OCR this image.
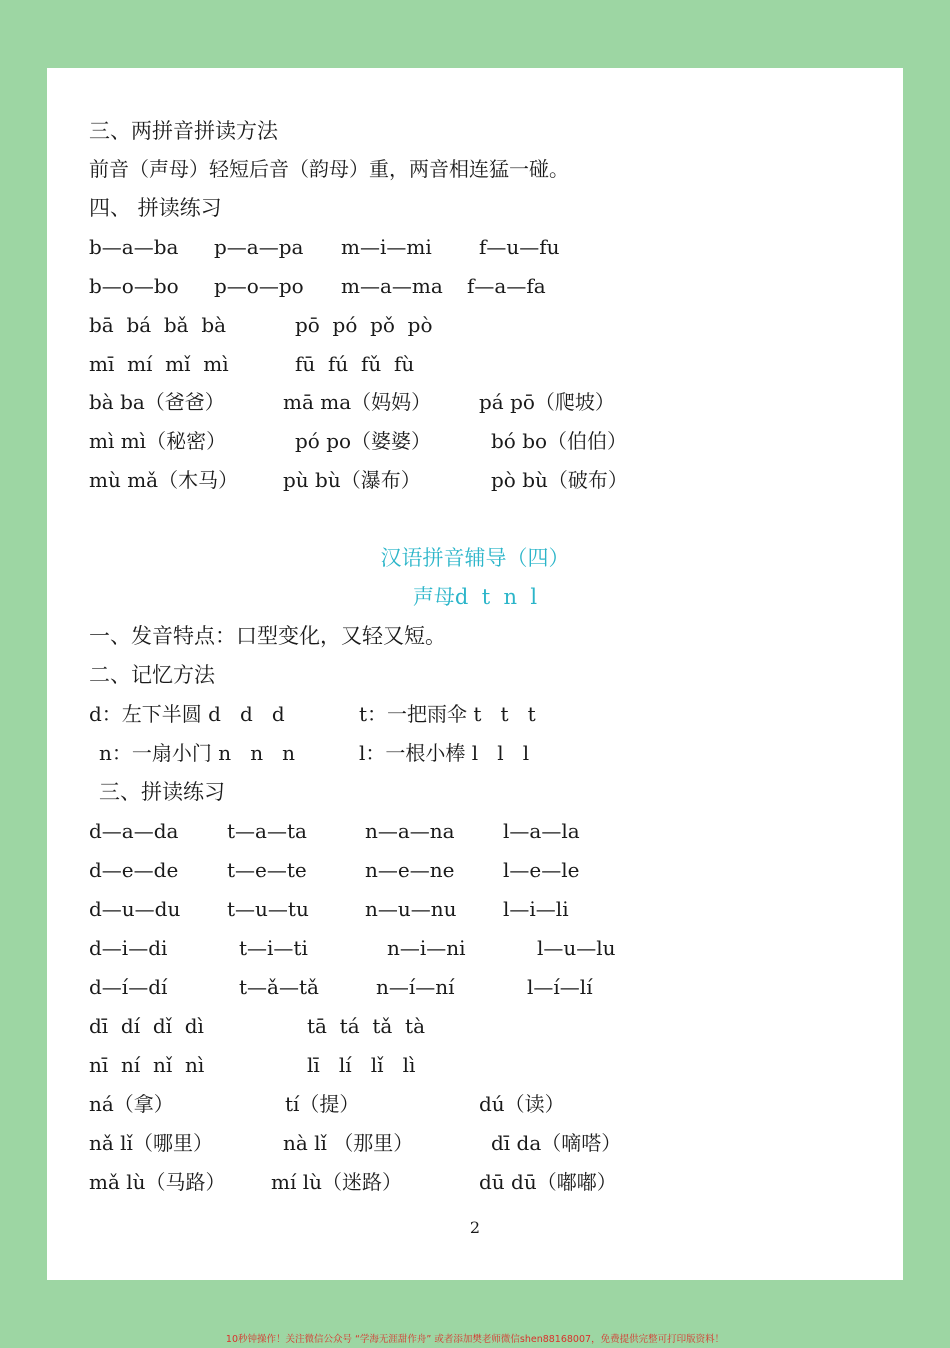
三、两拼音拼读方法
前音（声母）轻短后音（韵母）重，两音相连猛一碰。
四、 拼读练习
b—a—ba p—a—pa m—i—mi f—u—fu
b—o—bo p—o—po m—a—ma f—a—fa
bā  bá  bǎ  bà	pō  pó  pǒ  pò
mī  mí  mǐ  mì	fū  fú  fǔ  fù
bà ba（爸爸）	mā ma（妈妈） pá pō（爬坡）
mì mì（秘密）	pó po（婆婆）	bó bo（伯伯）
mù mǎ（木马） pù bù（瀑布）	pò bù（破布）
汉语拼音辅导（四）
声母d  t  n  l
一、发音特点：口型变化，又轻又短。
二、记忆方法
d：左下半圆 d   d   d	t：一把雨伞 t   t   t
n：一扇小门 n   n   n	l：一根小棒 l   l   l
三、拼读练习
d—a—da t—a—ta	n—a—na l—a—la
d—e—de t—e—te	n—e—ne l—e—le
d—u—du t—u—tu	n—u—nu l—i—li
d—i—di	t—i—ti	n—i—ni	l—u—lu
d—í—dí	t—ǎ—tǎ	n—í—ní	l—í—lí
dī  dí  dǐ  dì	tā  tá  tǎ  tà
nī  ní  nǐ  nì	lī   lí   lǐ   lì
ná（拿）	tí（提）	dú（读）
nǎ lǐ（哪里）	nà lǐ （那里）	dī da（嘀嗒）
mǎ lù（马路） mí lù（迷路）	dū dū（嘟嘟）
2
10秒钟操作！关注微信公众号 “学海无涯甜作舟” 或者添加樊老师微信shen88168007，免费提供完整可打印版资料！
